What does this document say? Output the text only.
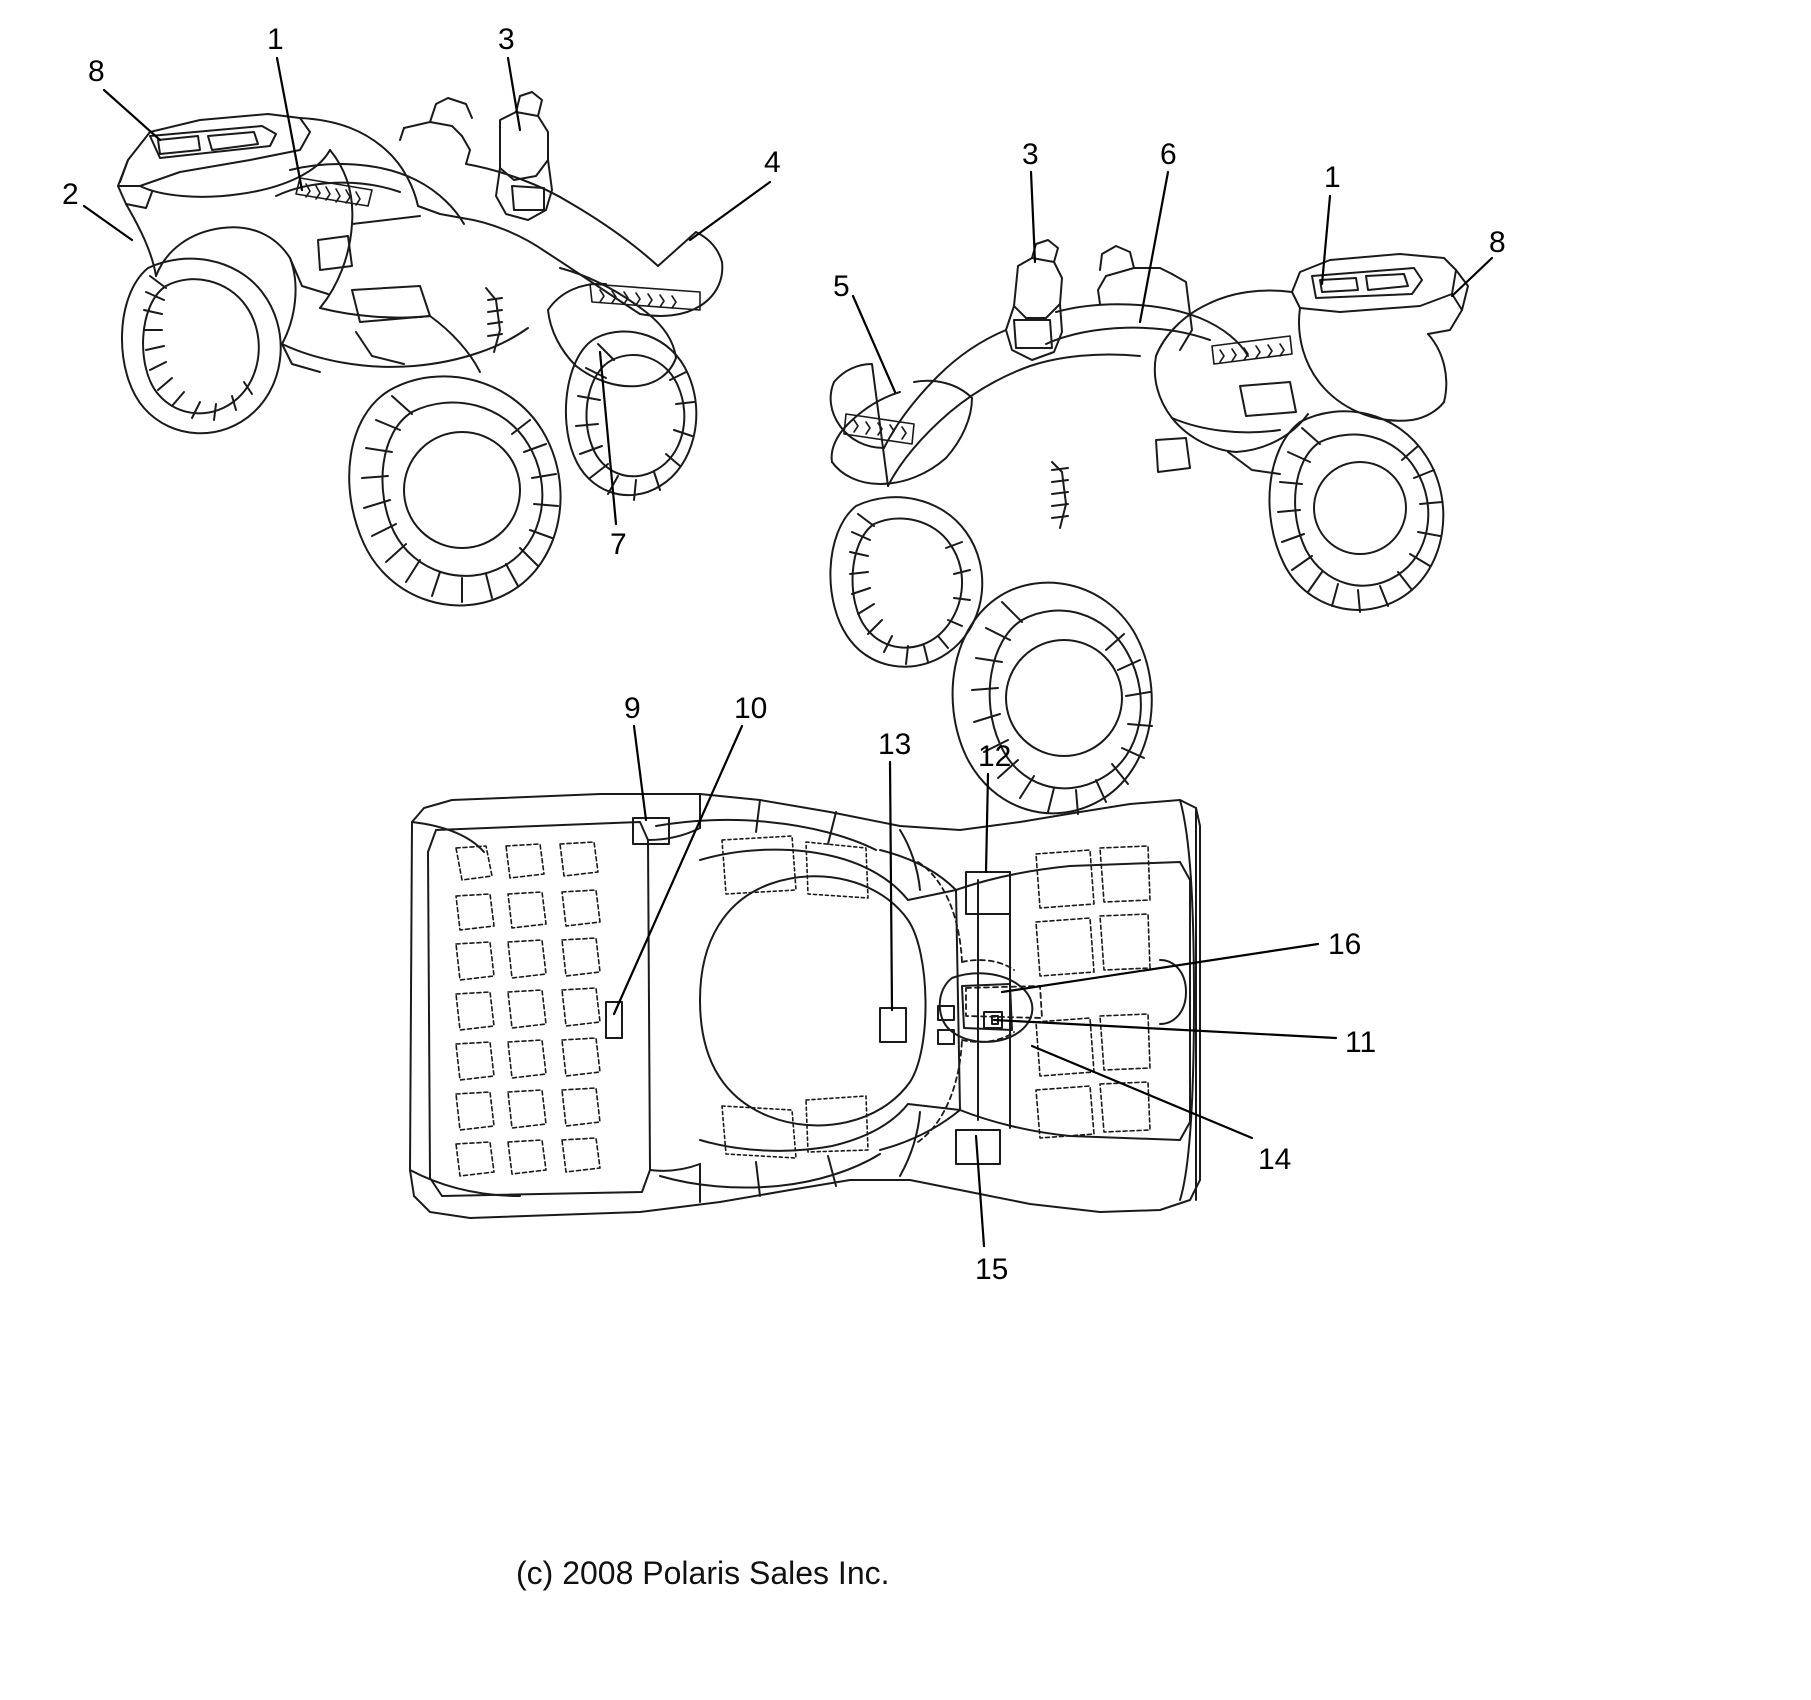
8
1	3
2
4
7
3	6
1
5
8
9	10
13 12
16
11
14
15
(c) 2008 Polaris Sales Inc.
